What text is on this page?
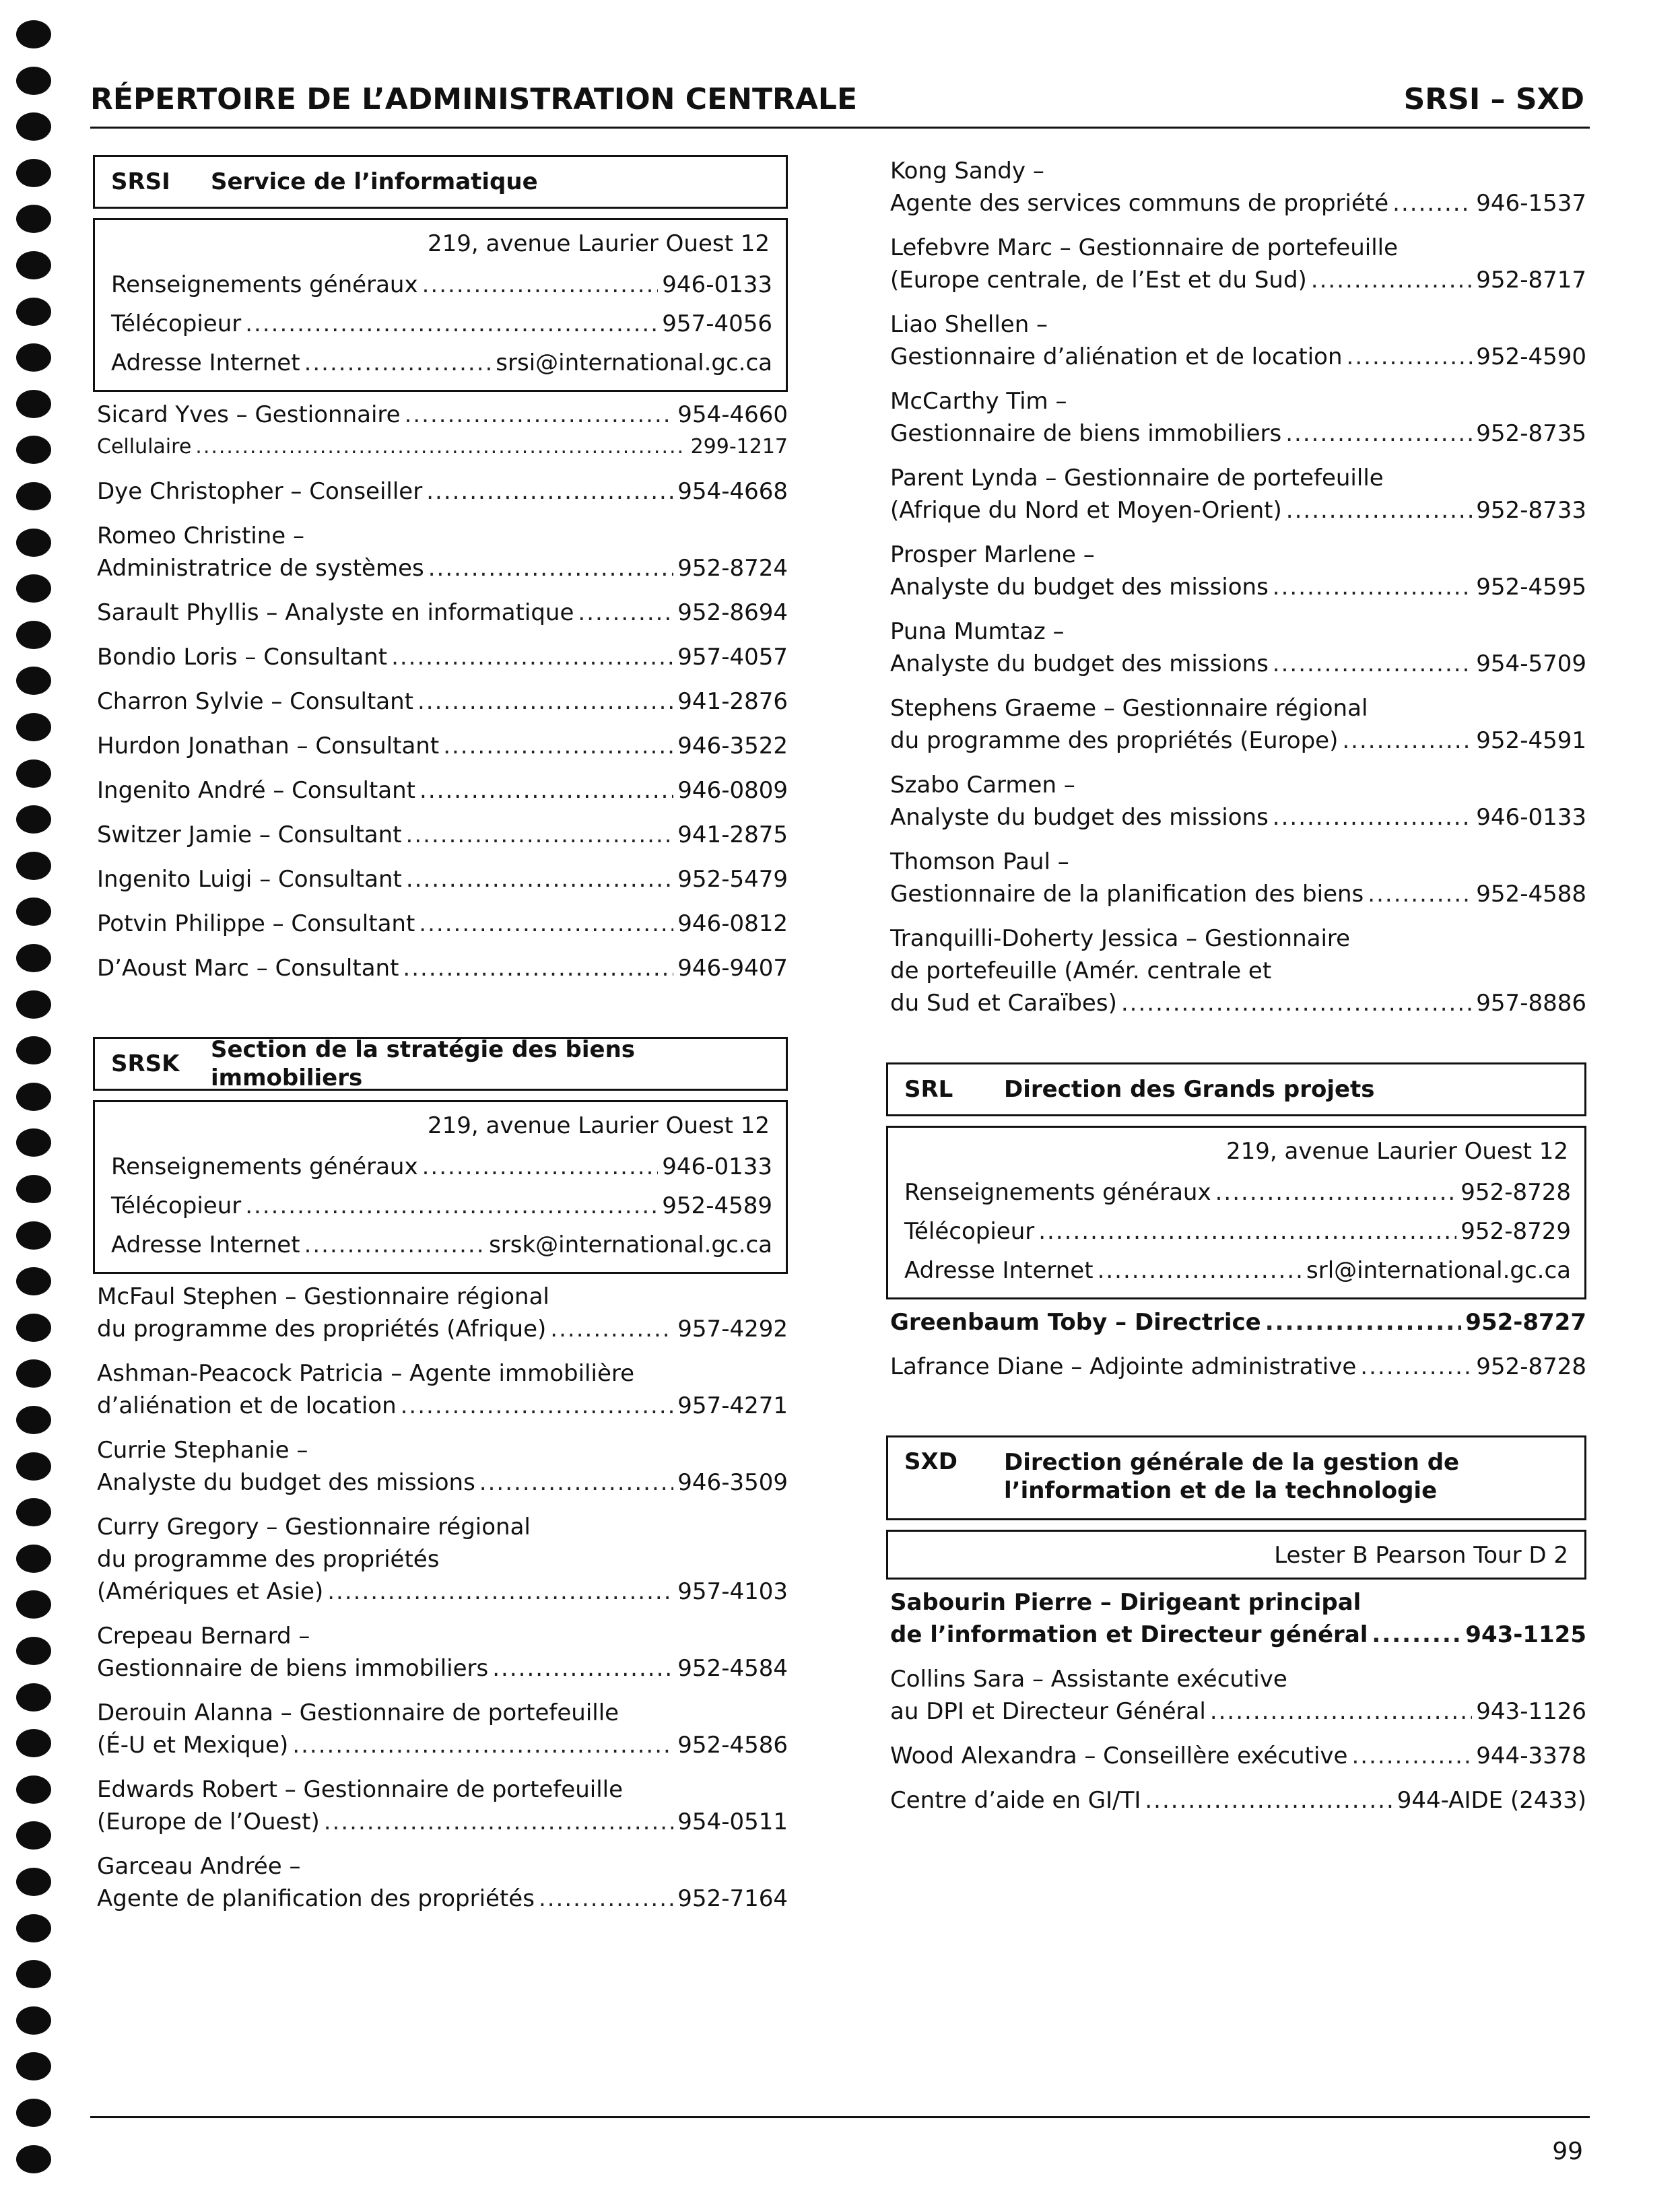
RÉPERTOIRE DE L’ADMINISTRATION CENTRALE	SRSI – SXD
SRSI	Service de l’informatique
219, avenue Laurier Ouest 12
Renseignements généraux .....	946-0133
Télécopieur .....	957-4056
Adresse Internet .....	srsi@international.gc.ca
Sicard Yves – Gestionnaire .....	954-4660
Cellulaire .....	299-1217
Dye Christopher – Conseiller .....	954-4668
Romeo Christine –
Administratrice de systèmes .....	952-8724
Sarault Phyllis – Analyste en informatique .....	952-8694
Bondio Loris – Consultant .....	957-4057
Charron Sylvie – Consultant .....	941-2876
Hurdon Jonathan – Consultant .....	946-3522
Ingenito André – Consultant .....	946-0809
Switzer Jamie – Consultant .....	941-2875
Ingenito Luigi – Consultant .....	952-5479
Potvin Philippe – Consultant .....	946-0812
D’Aoust Marc – Consultant .....	946-9407
SRSK
Section de la stratégie des biens immobiliers
219, avenue Laurier Ouest 12
Renseignements généraux .....	946-0133
Télécopieur .....	952-4589
Adresse Internet .....	srsk@international.gc.ca
McFaul Stephen – Gestionnaire régional
du programme des propriétés (Afrique) .....	957-4292
Ashman-Peacock Patricia – Agente immobilière
d’aliénation et de location .....	957-4271
Currie Stephanie –
Analyste du budget des missions .....	946-3509
Curry Gregory – Gestionnaire régional
du programme des propriétés
(Amériques et Asie) .....	957-4103
Crepeau Bernard –
Gestionnaire de biens immobiliers .....	952-4584
Derouin Alanna – Gestionnaire de portefeuille
(É-U et Mexique) .....	952-4586
Edwards Robert – Gestionnaire de portefeuille
(Europe de l’Ouest) .....	954-0511
Garceau Andrée –
Agente de planification des propriétés .....	952-7164
Kong Sandy –
Agente des services communs de propriété .....	946-1537
Lefebvre Marc – Gestionnaire de portefeuille
(Europe centrale, de l’Est et du Sud) .....	952-8717
Liao Shellen –
Gestionnaire d’aliénation et de location .....	952-4590
McCarthy Tim –
Gestionnaire de biens immobiliers .....	952-8735
Parent Lynda – Gestionnaire de portefeuille
(Afrique du Nord et Moyen-Orient) .....	952-8733
Prosper Marlene –
Analyste du budget des missions .....	952-4595
Puna Mumtaz –
Analyste du budget des missions .....	954-5709
Stephens Graeme – Gestionnaire régional
du programme des propriétés (Europe) .....	952-4591
Szabo Carmen –
Analyste du budget des missions .....	946-0133
Thomson Paul –
Gestionnaire de la planification des biens .....	952-4588
Tranquilli-Doherty Jessica – Gestionnaire
de portefeuille (Amér. centrale et
du Sud et Caraïbes) .....	957-8886
SRL	Direction des Grands projets
219, avenue Laurier Ouest 12
Renseignements généraux .....	952-8728
Télécopieur .....	952-8729
Adresse Internet .....	srl@international.gc.ca
Greenbaum Toby – Directrice .....	952-8727
Lafrance Diane – Adjointe administrative .....	952-8728
SXD	Direction générale de la gestion de l’information et de la technologie
Lester B Pearson Tour D 2
Sabourin Pierre – Dirigeant principal
de l’information et Directeur général .....	943-1125
Collins Sara – Assistante exécutive
au DPI et Directeur Général .....	943-1126
Wood Alexandra – Conseillère exécutive .....	944-3378
Centre d’aide en GI/TI .....	944-AIDE (2433)
99
